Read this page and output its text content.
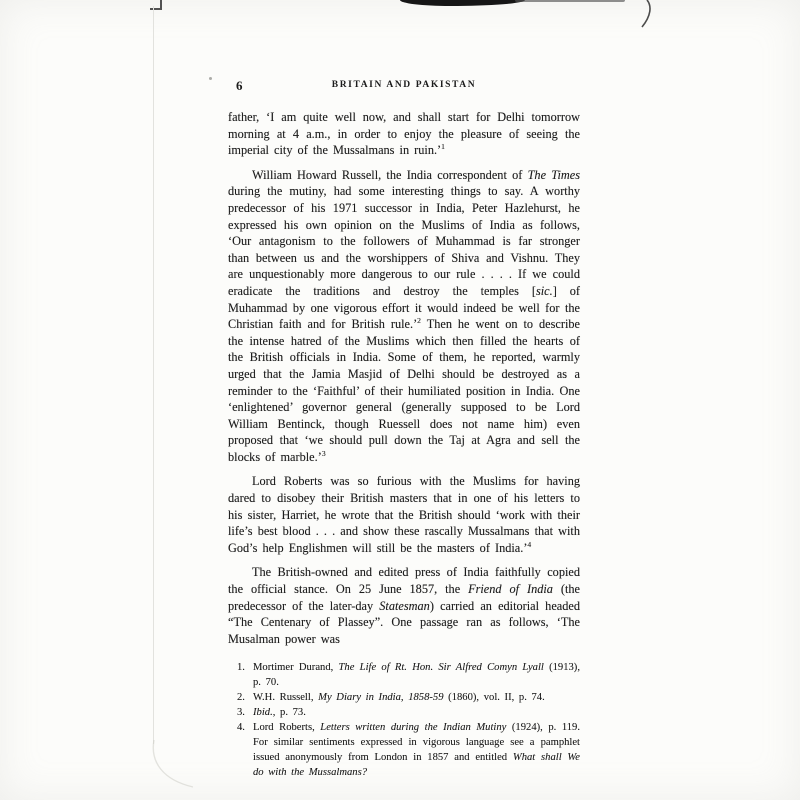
6	BRITAIN AND PAKISTAN

father, ‘I am quite well now, and shall start for Delhi tomorrow morning at 4 a.m., in order to enjoy the pleasure of seeing the imperial city of the Mussalmans in ruin.’$^1$

William Howard Russell, the India correspondent of The Times during the mutiny, had some interesting things to say. A worthy predecessor of his 1971 successor in India, Peter Hazlehurst, he expressed his own opinion on the Muslims of India as follows, ‘Our antagonism to the followers of Muhammad is far stronger than between us and the worshippers of Shiva and Vishnu. They are unquestionably more dangerous to our rule . . . . If we could eradicate the traditions and destroy the temples [sic.] of Muhammad by one vigorous effort it would indeed be well for the Christian faith and for British rule.’$^2$ Then he went on to describe the intense hatred of the Muslims which then filled the hearts of the British officials in India. Some of them, he reported, warmly urged that the Jamia Masjid of Delhi should be destroyed as a reminder to the ‘Faithful’ of their humiliated position in India. One ‘enlightened’ governor general (generally supposed to be Lord William Bentinck, though Ruessell does not name him) even proposed that ‘we should pull down the Taj at Agra and sell the blocks of marble.’$^3$

Lord Roberts was so furious with the Muslims for having dared to disobey their British masters that in one of his letters to his sister, Harriet, he wrote that the British should ‘work with their life’s best blood . . . and show these rascally Mussalmans that with God’s help Englishmen will still be the masters of India.’$^4$

The British-owned and edited press of India faithfully copied the official stance. On 25 June 1857, the Friend of India (the predecessor of the later-day Statesman) carried an editorial headed “The Centenary of Plassey”. One passage ran as follows, ‘The Musalman power was

1. Mortimer Durand, The Life of Rt. Hon. Sir Alfred Comyn Lyall (1913), p. 70.
2. W.H. Russell, My Diary in India, 1858-59 (1860), vol. II, p. 74.
3. Ibid., p. 73.
4. Lord Roberts, Letters written during the Indian Mutiny (1924), p. 119. For similar sentiments expressed in vigorous language see a pamphlet issued anonymously from London in 1857 and entitled What shall We do with the Mussalmans?
